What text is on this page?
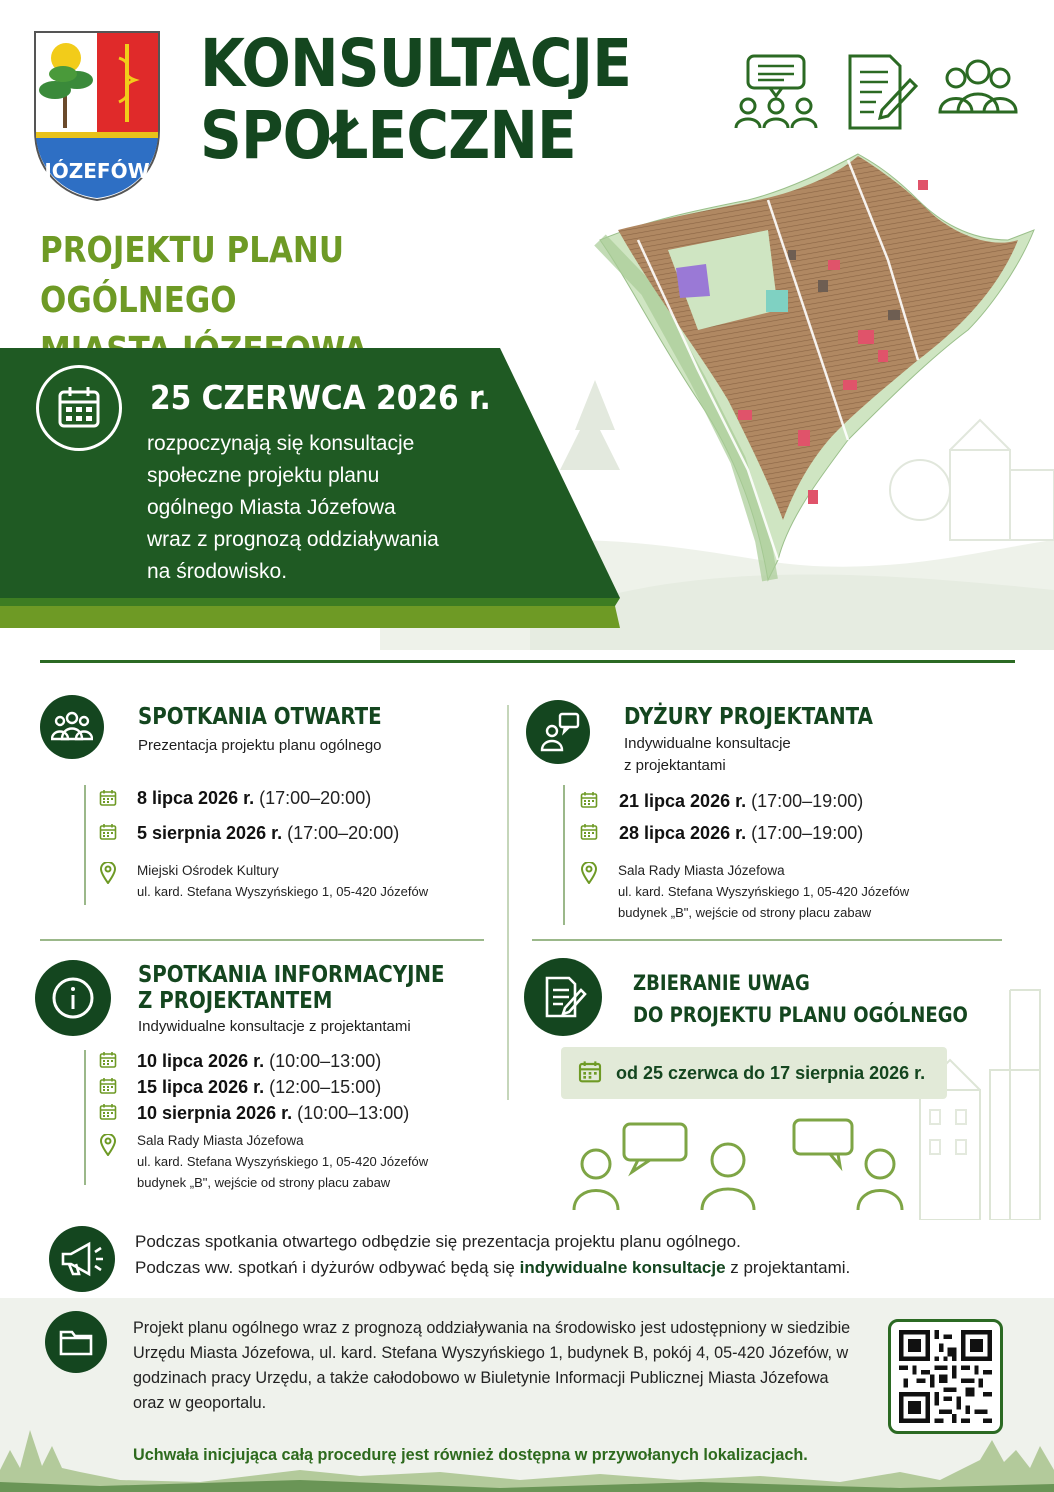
JÓZEFÓW
KONSULTACJE
SPOŁECZNE
PROJEKTU PLANU OGÓLNEGO
25 CZERWCA 2026 r.
rozpoczynają się konsultacje
społeczne projektu planu
ogólnego Miasta Józefowa
wraz z prognozą oddziaływania
na środowisko.
SPOTKANIA OTWARTE
Prezentacja projektu planu ogólnego
8 lipca 2026 r. (17:00–20:00)
5 sierpnia 2026 r. (17:00–20:00)
Miejski Ośrodek Kultury
ul. kard. Stefana Wyszyńskiego 1, 05-420 Józefów
DYŻURY PROJEKTANTA
Indywidualne konsultacje
z projektantami
21 lipca 2026 r. (17:00–19:00)
28 lipca 2026 r. (17:00–19:00)
Sala Rady Miasta Józefowa
ul. kard. Stefana Wyszyńskiego 1, 05-420 Józefów
budynek „B", wejście od strony placu zabaw
SPOTKANIA INFORMACYJNE
Z PROJEKTANTEM
Indywidualne konsultacje z projektantami
10 lipca 2026 r. (10:00–13:00)
15 lipca 2026 r. (12:00–15:00)
10 sierpnia 2026 r. (10:00–13:00)
Sala Rady Miasta Józefowa
ul. kard. Stefana Wyszyńskiego 1, 05-420 Józefów
budynek „B", wejście od strony placu zabaw
ZBIERANIE UWAG
DO PROJEKTU PLANU OGÓLNEGO
od 25 czerwca do 17 sierpnia 2026 r.
Podczas spotkania otwartego odbędzie się prezentacja projektu planu ogólnego.
Podczas ww. spotkań i dyżurów odbywać będą się indywidualne konsultacje z projektantami.
Projekt planu ogólnego wraz z prognozą oddziaływania na środowisko jest udostępniony w siedzibie Urzędu Miasta Józefowa, ul. kard. Stefana Wyszyńskiego 1, budynek B, pokój 4, 05-420 Józefów, w godzinach pracy Urzędu, a także całodobowo w Biuletynie Informacji Publicznej Miasta Józefowa oraz w geoportalu.
Uchwała inicjująca całą procedurę jest również dostępna w przywołanych lokalizacjach.
